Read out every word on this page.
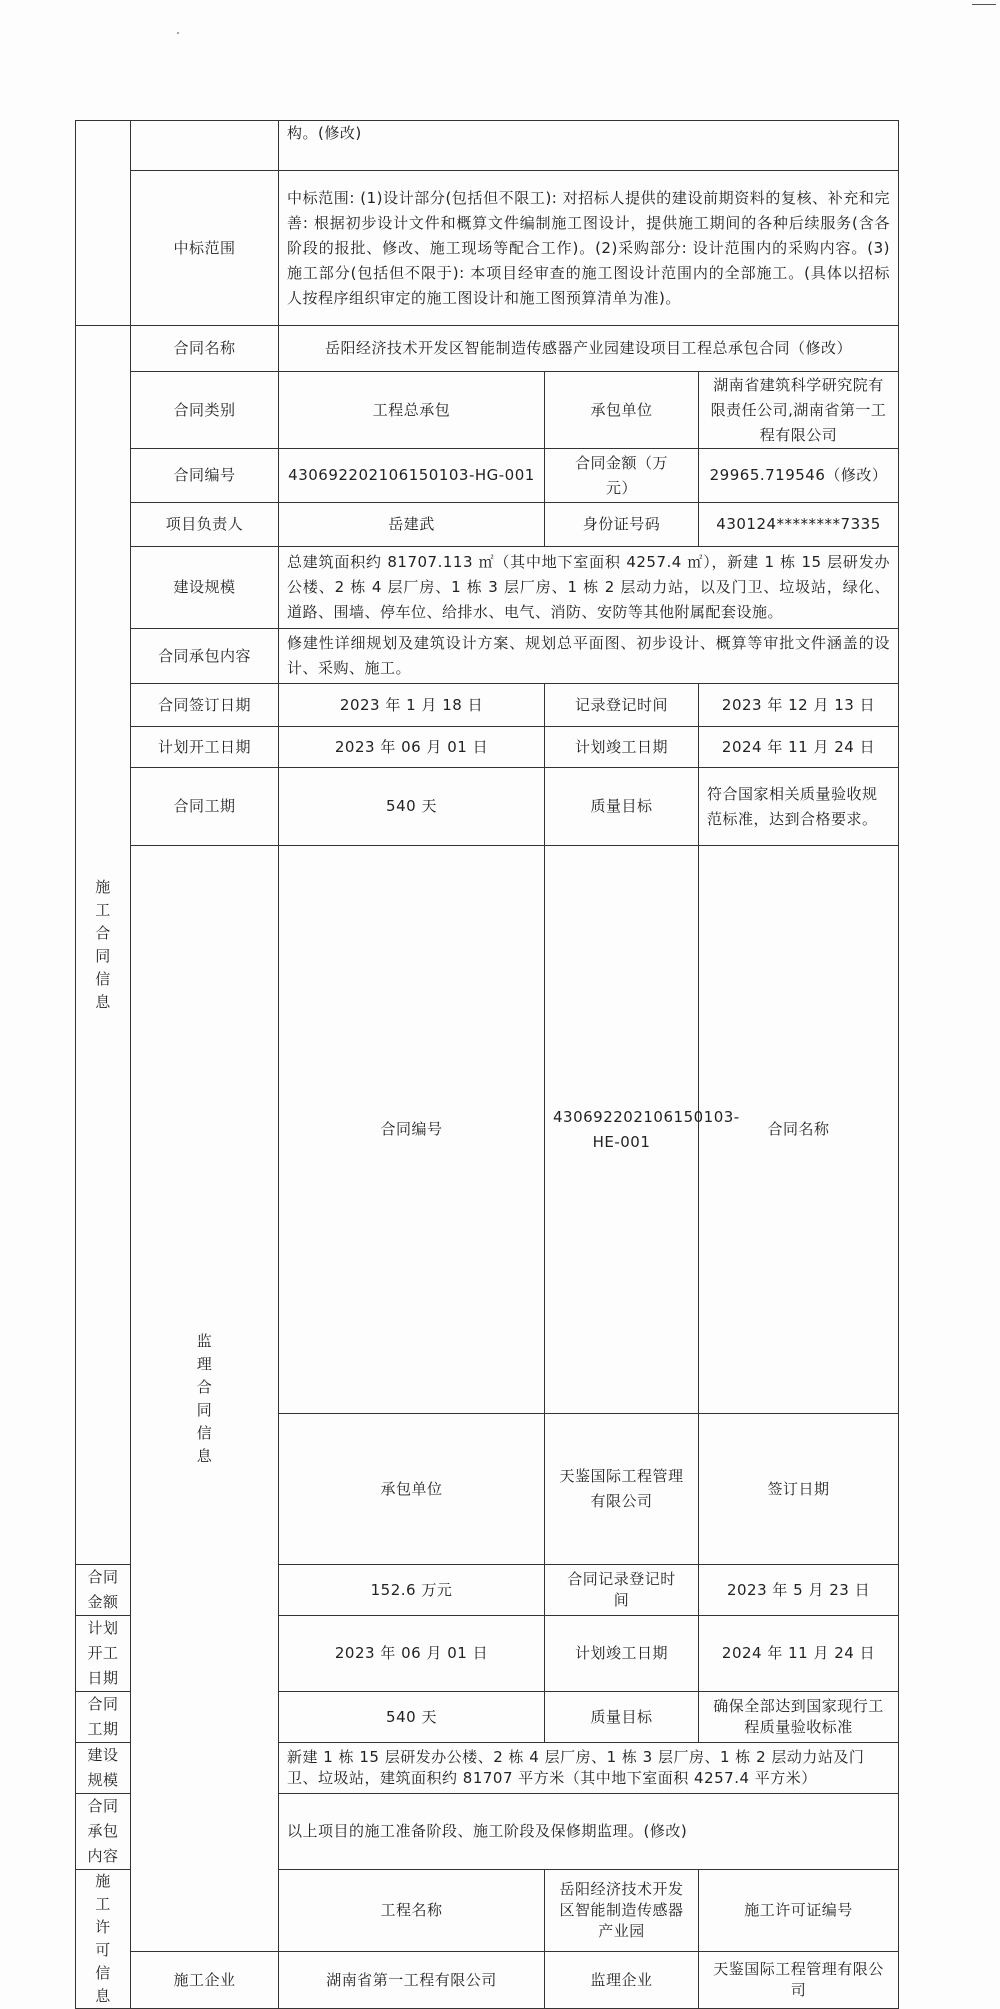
		构。(修改)			
	中标范围	中标范围: (1)设计部分(包括但不限工): 对招标人提供的建设前期资料的复核、补充和完善: 根据初步设计文件和概算文件编制施工图设计，提供施工期间的各种后续服务(含各阶段的报批、修改、施工现场等配合工作)。(2)采购部分: 设计范围内的采购内容。(3)施工部分(包括但不限于): 本项目经审查的施工图设计范围内的全部施工。(具体以招标人按程序组织审定的施工图设计和施工图预算清单为准)。			

施工合同信息	合同名称	岳阳经济技术开发区智能制造传感器产业园建设项目工程总承包合同（修改）			
	合同类别	工程总承包	承包单位	湖南省建筑科学研究院有限责任公司,湖南省第一工程有限公司	
	合同编号	430692202106150103-HG-001	合同金额（万元）	29965.719546（修改）	
	项目负责人	岳建武	身份证号码	430124********7335	
	建设规模	总建筑面积约 81707.113 ㎡（其中地下室面积 4257.4 ㎡），新建 1 栋 15 层研发办公楼、2 栋 4 层厂房、1 栋 3 层厂房、1 栋 2 层动力站，以及门卫、垃圾站，绿化、道路、围墙、停车位、给排水、电气、消防、安防等其他附属配套设施。			
	合同承包内容	修建性详细规划及建筑设计方案、规划总平面图、初步设计、概算等审批文件涵盖的设计、采购、施工。			
	合同签订日期	2023 年 1 月 18 日	记录登记时间	2023 年 12 月 13 日	
	计划开工日期	2023 年 06 月 01 日	计划竣工日期	2024 年 11 月 24 日	
	合同工期	540 天	质量目标	符合国家相关质量验收规范标准，达到合格要求。	

	监理合同信息	合同编号	430692202106150103-HE-001	合同名称	
		承包单位	天鉴国际工程管理有限公司	签订日期	
合同金额		152.6 万元	合同记录登记时间	2023 年 5 月 23 日	
计划开工日期		2023 年 06 月 01 日	计划竣工日期	2024 年 11 月 24 日	
合同工期		540 天	质量目标	确保全部达到国家现行工程质量验收标准	
建设规模		新建 1 栋 15 层研发办公楼、2 栋 4 层厂房、1 栋 3 层厂房、1 栋 2 层动力站及门卫、垃圾站，建筑面积约 81707 平方米（其中地下室面积 4257.4 平方米）			
合同承包内容		以上项目的施工准备阶段、施工阶段及保修期监理。(修改)			

施工许可信息		工程名称	岳阳经济技术开发区智能制造传感器产业园	施工许可证编号	
	施工企业	湖南省第一工程有限公司	监理企业	天鉴国际工程管理有限公司	
